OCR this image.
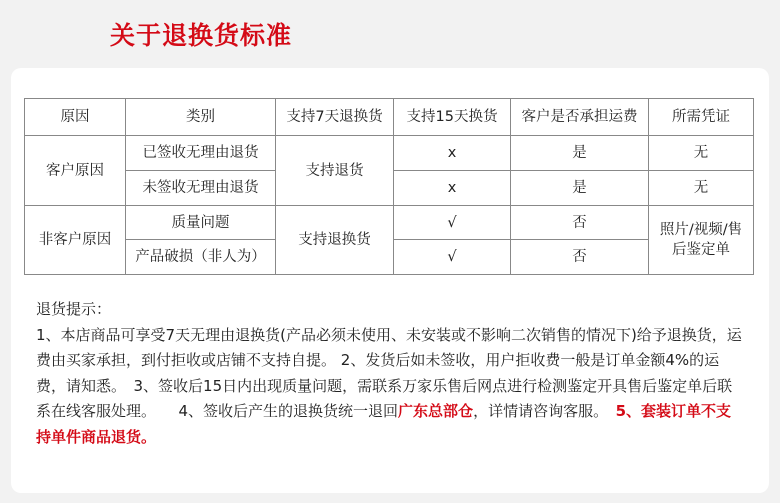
关于退换货标准
原因	类别	支持7天退换货	支持15天换货	客户是否承担运费	所需凭证
客户原因	已签收无理由退货	支持退货	x	是	无
	未签收无理由退货		x	是	无
非客户原因	质量问题	支持退换货	√	否	照片/视频/售后鉴定单
	产品破损（非人为）		√	否	
退货提示：
1、本店商品可享受7天无理由退换货(产品必须未使用、未安装或不影响二次销售的情况下)给予退换货，运费由买家承担，到付拒收或店铺不支持自提。 2、发货后如未签收，用户拒收费一般是订单金额4%的运费，请知悉。　3、签收后15日内出现质量问题，需联系万家乐售后网点进行检测鉴定开具售后鉴定单后联系在线客服处理。　　4、签收后产生的退换货统一退回广东总部仓，详情请咨询客服。　5、套装订单不支持单件商品退货。
